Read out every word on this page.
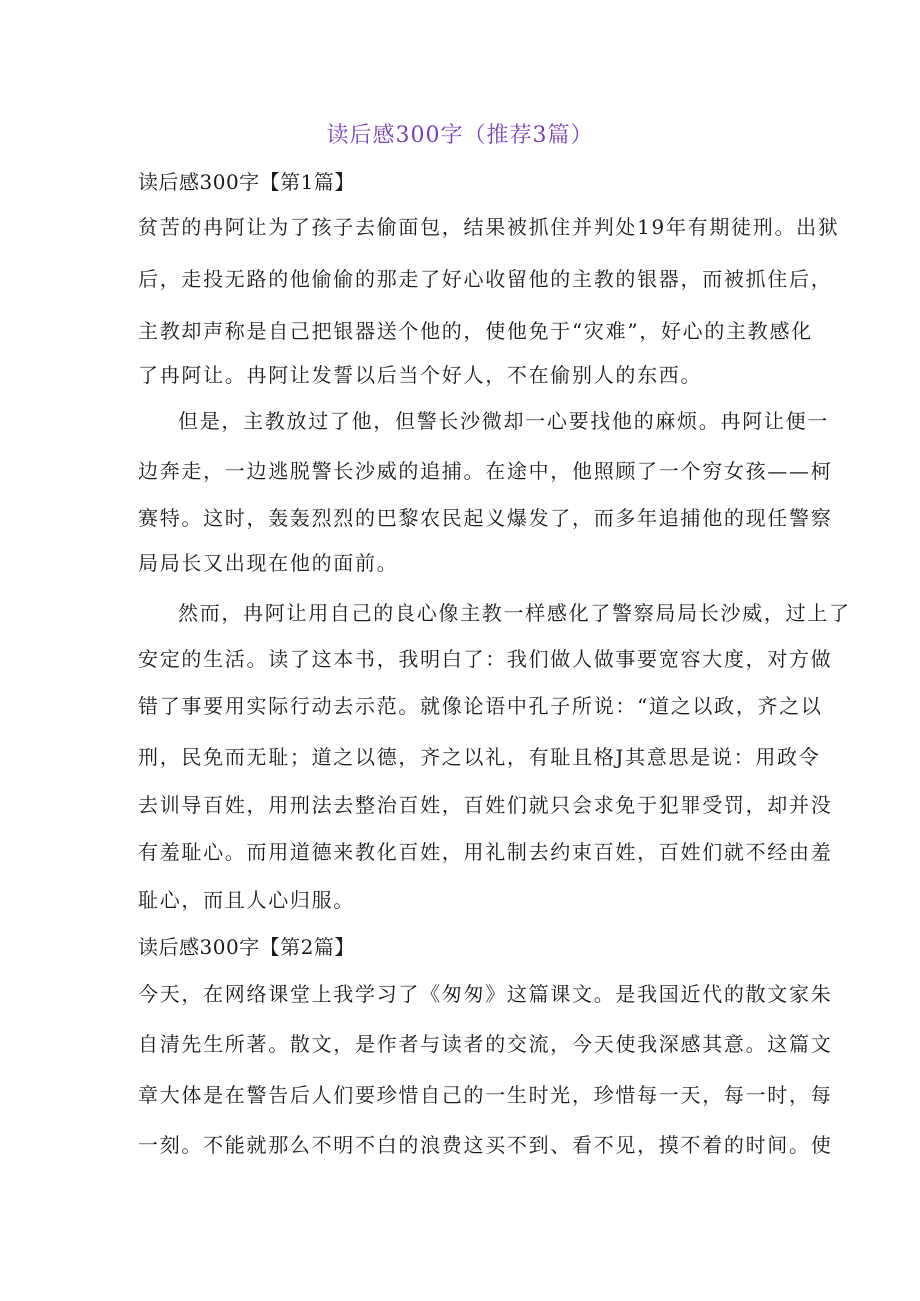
读后感300字（推荐3篇）
读后感300字【第1篇】
贫苦的冉阿让为了孩子去偷面包，结果被抓住并判处19年有期徒刑。出狱
后，走投无路的他偷偷的那走了好心收留他的主教的银器，而被抓住后，
主教却声称是自己把银器送个他的，使他免于“灾难”，好心的主教感化
了冉阿让。冉阿让发誓以后当个好人，不在偷别人的东西。
但是，主教放过了他，但警长沙微却一心要找他的麻烦。冉阿让便一
边奔走，一边逃脱警长沙威的追捕。在途中，他照顾了一个穷女孩——柯
赛特。这时，轰轰烈烈的巴黎农民起义爆发了，而多年追捕他的现任警察
局局长又出现在他的面前。
然而，冉阿让用自己的良心像主教一样感化了警察局局长沙威，过上了
安定的生活。读了这本书，我明白了：我们做人做事要宽容大度，对方做
错了事要用实际行动去示范。就像论语中孔子所说：“道之以政，齐之以
刑，民免而无耻；道之以德，齐之以礼，有耻且格J其意思是说：用政令
去训导百姓，用刑法去整治百姓，百姓们就只会求免于犯罪受罚，却并没
有羞耻心。而用道德来教化百姓，用礼制去约束百姓，百姓们就不经由羞
耻心，而且人心归服。
读后感300字【第2篇】
今天，在网络课堂上我学习了《匆匆》这篇课文。是我国近代的散文家朱
自清先生所著。散文，是作者与读者的交流，今天使我深感其意。这篇文
章大体是在警告后人们要珍惜自己的一生时光，珍惜每一天，每一时，每
一刻。不能就那么不明不白的浪费这买不到、看不见，摸不着的时间。使
